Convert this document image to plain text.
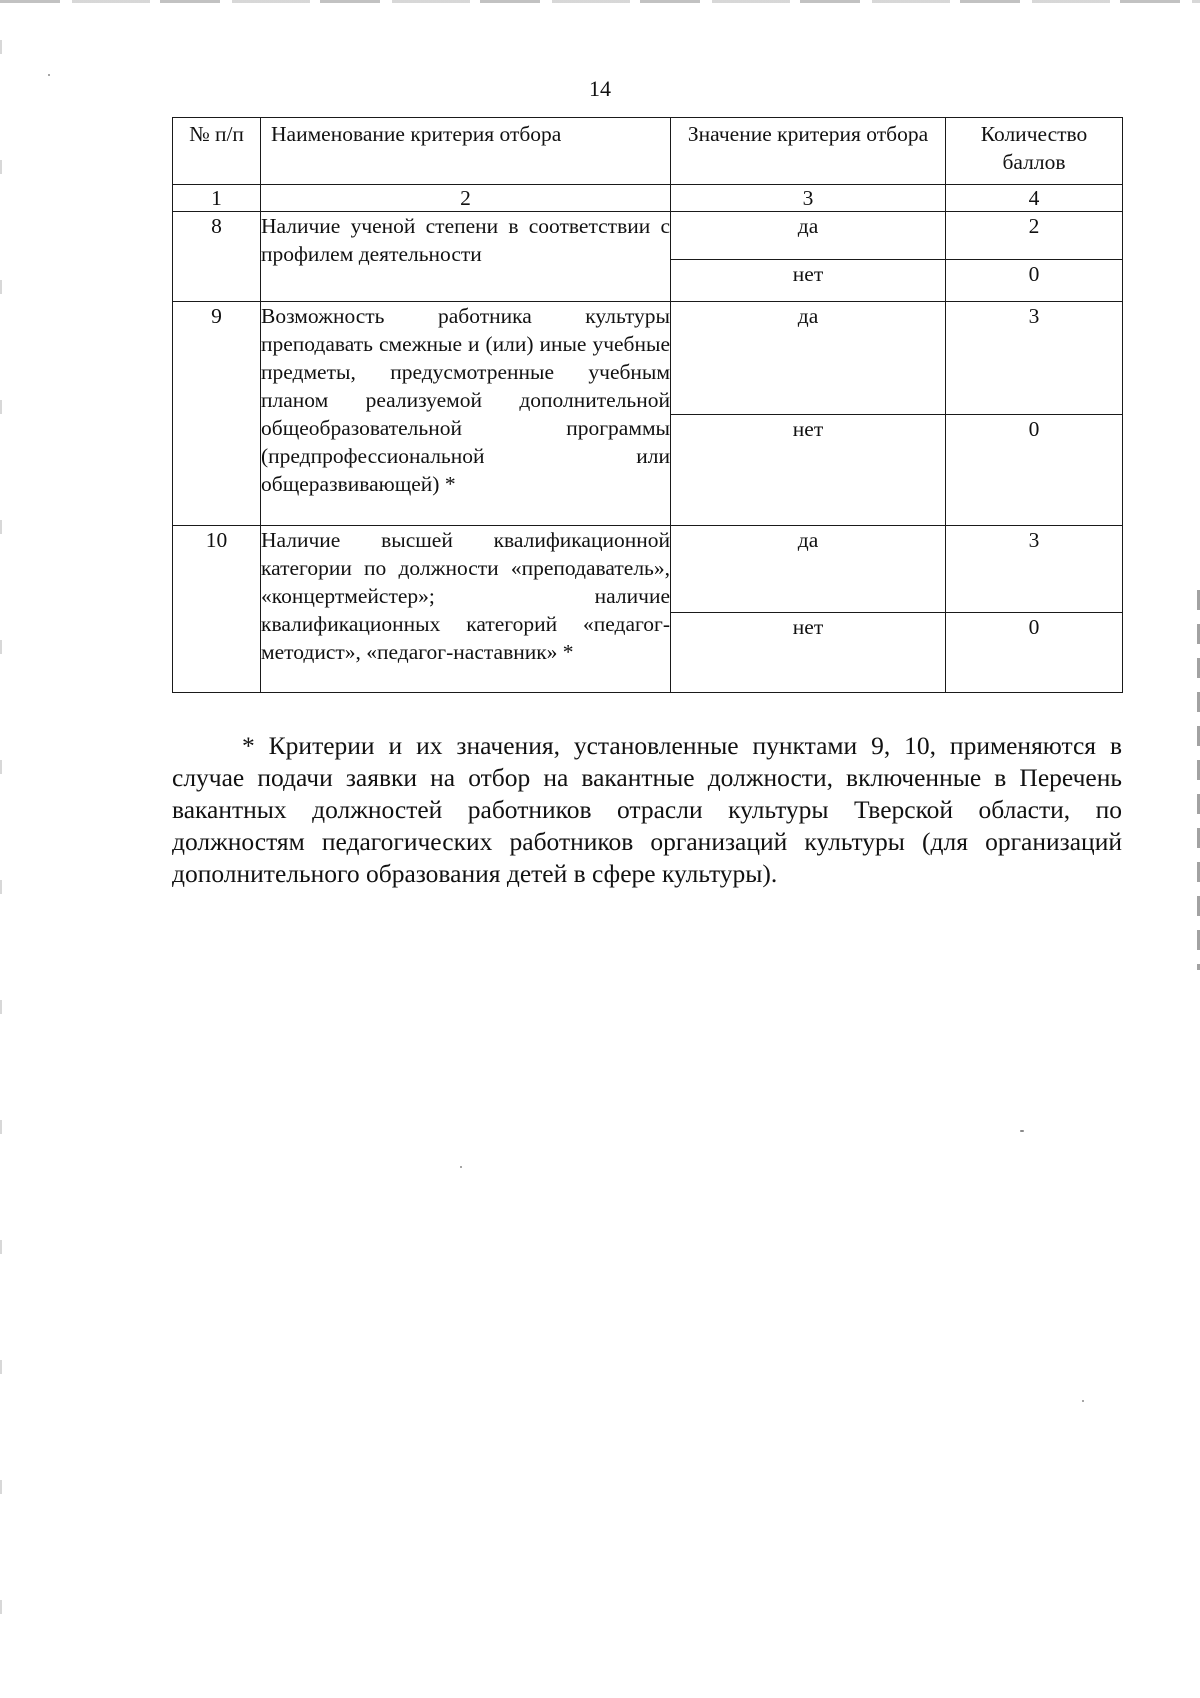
14
№ п/п	Наименование критерия отбора	Значение критерия отбора	Количество баллов

1	2	3	4
8	Наличие ученой степени в соответствии с профилем деятельности	да	2
		нет	0
9	Возможность работника культуры преподавать смежные и (или) иные учебные предметы, предусмотренные учебным планом реализуемой дополнительной общеобразовательной программы (предпрофессиональной или общеразвивающей) *	да	3
		нет	0
10	Наличие высшей квалификационной категории по должности «преподаватель», «концертмейстер»; наличие квалификационных категорий «педагог-методист», «педагог-наставник» *	да	3
		нет	0
* Критерии и их значения, установленные пунктами 9, 10, применяются в случае подачи заявки на отбор на вакантные должности, включенные в Перечень вакантных должностей работников отрасли культуры Тверской области, по должностям педагогических работников организаций культуры (для организаций дополнительного образования детей в сфере культуры).
